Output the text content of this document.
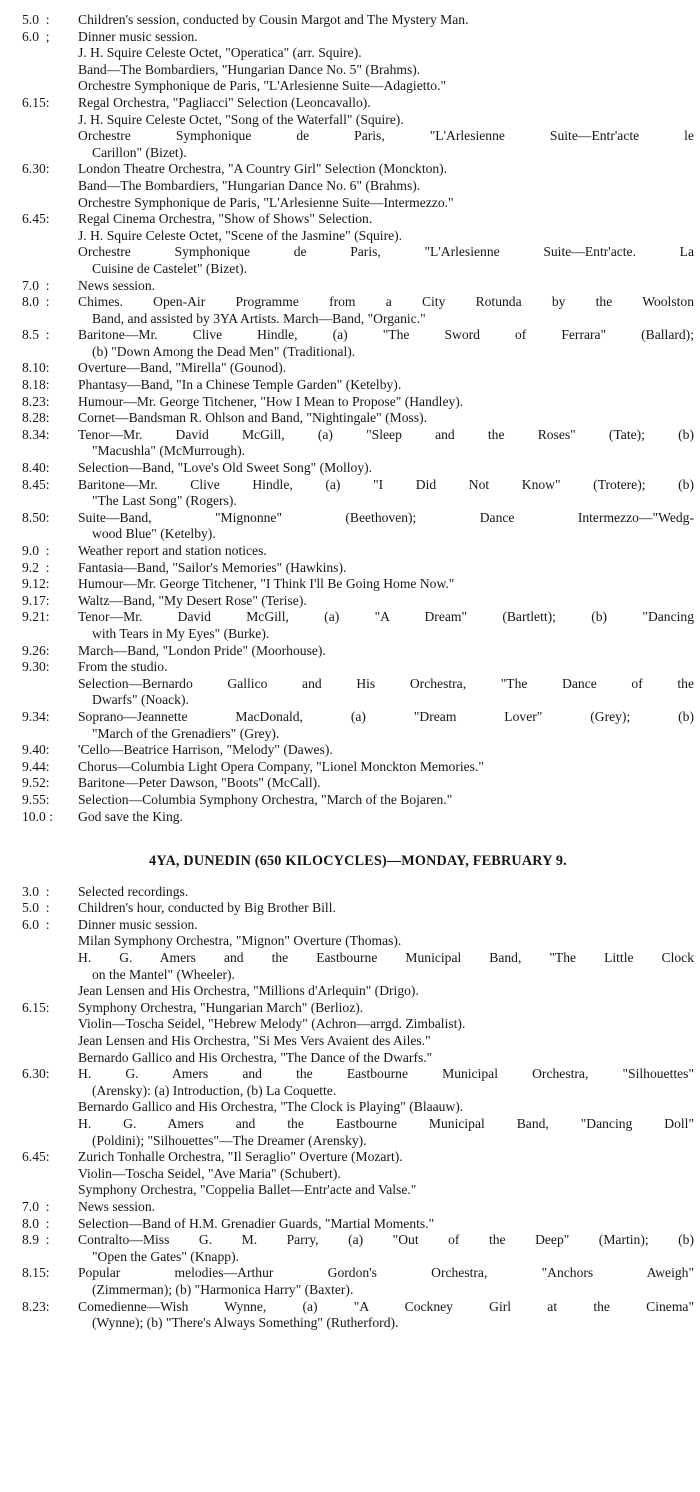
5.0  :	Children's session, conducted by Cousin Margot and The Mystery Man.
6.0  ;	Dinner music session.
J. H. Squire Celeste Octet, "Operatica" (arr. Squire).
Band—The Bombardiers, "Hungarian Dance No. 5" (Brahms).
Orchestre Symphonique de Paris, "L'Arlesienne Suite—Adagietto."
6.15:	Regal Orchestra, "Pagliacci" Selection (Leoncavallo).
J. H. Squire Celeste Octet, "Song of the Waterfall" (Squire).
Orchestre Symphonique de Paris, "L'Arlesienne Suite—Entr'acte le
Carillon" (Bizet).
6.30:	London Theatre Orchestra, "A Country Girl" Selection (Monckton).
Band—The Bombardiers, "Hungarian Dance No. 6" (Brahms).
Orchestre Symphonique de Paris, "L'Arlesienne Suite—Intermezzo."
6.45:	Regal Cinema Orchestra, "Show of Shows" Selection.
J. H. Squire Celeste Octet, "Scene of the Jasmine" (Squire).
Orchestre Symphonique de Paris, "L'Arlesienne Suite—Entr'acte. La
Cuisine de Castelet" (Bizet).
7.0  :	News session.
8.0  :	Chimes. Open-Air Programme from a City Rotunda by the Woolston
Band, and assisted by 3YA Artists. March—Band, "Organic."
8.5  :	Baritone—Mr. Clive Hindle, (a) "The Sword of Ferrara" (Ballard);
(b) "Down Among the Dead Men" (Traditional).
8.10:	Overture—Band, "Mirella" (Gounod).
8.18:	Phantasy—Band, "In a Chinese Temple Garden" (Ketelby).
8.23:	Humour—Mr. George Titchener, "How I Mean to Propose" (Handley).
8.28:	Cornet—Bandsman R. Ohlson and Band, "Nightingale" (Moss).
8.34:	Tenor—Mr. David McGill, (a) "Sleep and the Roses" (Tate); (b)
"Macushla" (McMurrough).
8.40:	Selection—Band, "Love's Old Sweet Song" (Molloy).
8.45:	Baritone—Mr. Clive Hindle, (a) "I Did Not Know" (Trotere); (b)
"The Last Song" (Rogers).
8.50:	Suite—Band, "Mignonne" (Beethoven); Dance Intermezzo—"Wedg-
wood Blue" (Ketelby).
9.0  :	Weather report and station notices.
9.2  :	Fantasia—Band, "Sailor's Memories" (Hawkins).
9.12:	Humour—Mr. George Titchener, "I Think I'll Be Going Home Now."
9.17:	Waltz—Band, "My Desert Rose" (Terise).
9.21:	Tenor—Mr. David McGill, (a) "A Dream" (Bartlett); (b) "Dancing
with Tears in My Eyes" (Burke).
9.26:	March—Band, "London Pride" (Moorhouse).
9.30:	From the studio.
Selection—Bernardo Gallico and His Orchestra, "The Dance of the
Dwarfs" (Noack).
9.34:	Soprano—Jeannette MacDonald, (a) "Dream Lover" (Grey); (b)
"March of the Grenadiers" (Grey).
9.40:	'Cello—Beatrice Harrison, "Melody" (Dawes).
9.44:	Chorus—Columbia Light Opera Company, "Lionel Monckton Memories."
9.52:	Baritone—Peter Dawson, "Boots" (McCall).
9.55:	Selection—Columbia Symphony Orchestra, "March of the Bojaren."
10.0 :	God save the King.
4YA, DUNEDIN (650 KILOCYCLES)—MONDAY, FEBRUARY 9.
3.0  :	Selected recordings.
5.0  :	Children's hour, conducted by Big Brother Bill.
6.0  :	Dinner music session.
Milan Symphony Orchestra, "Mignon" Overture (Thomas).
H. G. Amers and the Eastbourne Municipal Band, "The Little Clock
on the Mantel" (Wheeler).
Jean Lensen and His Orchestra, "Millions d'Arlequin" (Drigo).
6.15:	Symphony Orchestra, "Hungarian March" (Berlioz).
Violin—Toscha Seidel, "Hebrew Melody" (Achron—arrgd. Zimbalist).
Jean Lensen and His Orchestra, "Si Mes Vers Avaient des Ailes."
Bernardo Gallico and His Orchestra, "The Dance of the Dwarfs."
6.30:	H. G. Amers and the Eastbourne Municipal Orchestra, "Silhouettes"
(Arensky): (a) Introduction, (b) La Coquette.
Bernardo Gallico and His Orchestra, "The Clock is Playing" (Blaauw).
H. G. Amers and the Eastbourne Municipal Band, "Dancing Doll"
(Poldini); "Silhouettes"—The Dreamer (Arensky).
6.45:	Zurich Tonhalle Orchestra, "Il Seraglio" Overture (Mozart).
Violin—Toscha Seidel, "Ave Maria" (Schubert).
Symphony Orchestra, "Coppelia Ballet—Entr'acte and Valse."
7.0  :	News session.
8.0  :	Selection—Band of H.M. Grenadier Guards, "Martial Moments."
8.9  :	Contralto—Miss G. M. Parry, (a) "Out of the Deep" (Martin); (b)
"Open the Gates" (Knapp).
8.15:	Popular melodies—Arthur Gordon's Orchestra, "Anchors Aweigh"
(Zimmerman); (b) "Harmonica Harry" (Baxter).
8.23:	Comedienne—Wish Wynne, (a) "A Cockney Girl at the Cinema"
(Wynne); (b) "There's Always Something" (Rutherford).
